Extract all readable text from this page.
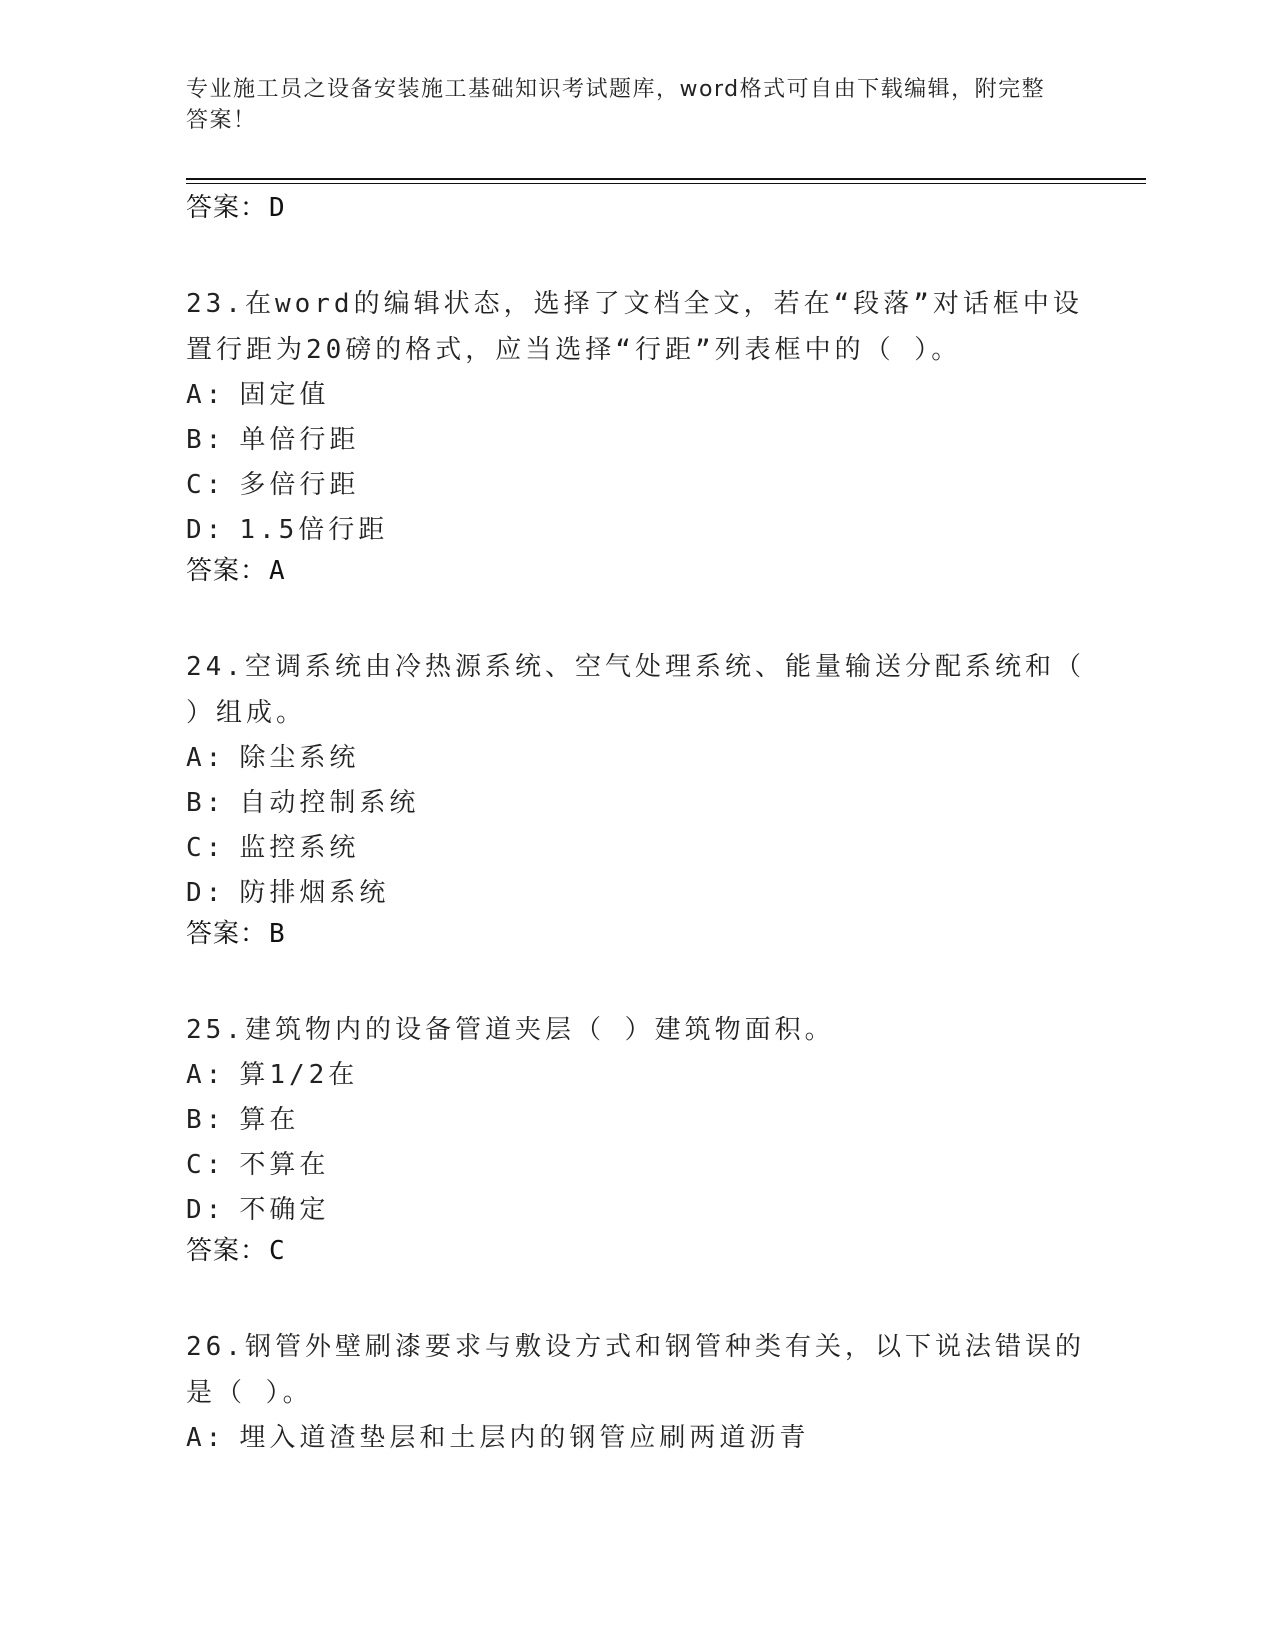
专业施工员之设备安装施工基础知识考试题库，word格式可自由下载编辑，附完整答案！
答案：D
23.在word的编辑状态，选择了文档全文，若在“段落”对话框中设置行距为20磅的格式，应当选择“行距”列表框中的（ ）。
A: 固定值
B: 单倍行距
C: 多倍行距
D: 1.5倍行距
答案：A
24.空调系统由冷热源系统、空气处理系统、能量输送分配系统和（ ）组成。
A: 除尘系统
B: 自动控制系统
C: 监控系统
D: 防排烟系统
答案：B
25.建筑物内的设备管道夹层（ ）建筑物面积。
A: 算1/2在
B: 算在
C: 不算在
D: 不确定
答案：C
26.钢管外壁刷漆要求与敷设方式和钢管种类有关，以下说法错误的是（ ）。
A: 埋入道渣垫层和土层内的钢管应刷两道沥青
